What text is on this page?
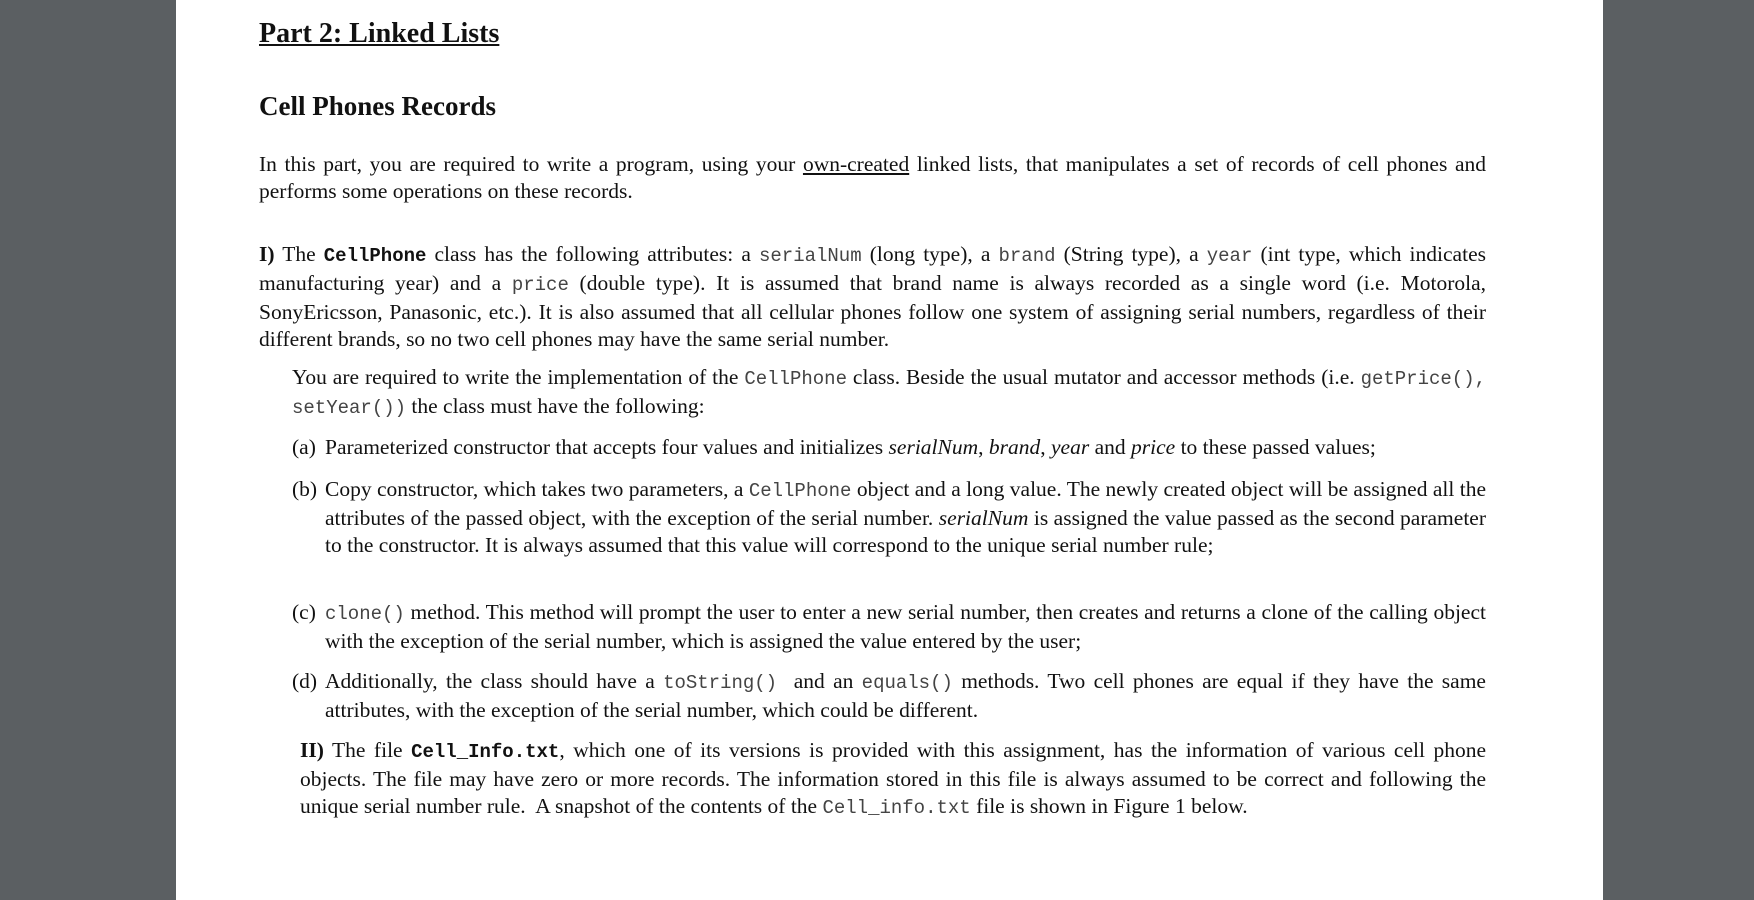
Part 2: Linked Lists
Cell Phones Records

In this part, you are required to write a program, using your own-created linked lists, that manipulates a set of records of cell phones and performs some operations on these records.

I) The CellPhone class has the following attributes: a serialNum (long type), a brand (String type), a year (int type, which indicates manufacturing year) and a price (double type). It is assumed that brand name is always recorded as a single word (i.e. Motorola, SonyEricsson, Panasonic, etc.). It is also assumed that all cellular phones follow one system of assigning serial numbers, regardless of their different brands, so no two cell phones may have the same serial number.

You are required to write the implementation of the CellPhone class. Beside the usual mutator and accessor methods (i.e. getPrice(), setYear()) the class must have the following:

(a) Parameterized constructor that accepts four values and initializes serialNum, brand, year and price to these passed values;
(b) Copy constructor, which takes two parameters, a CellPhone object and a long value. The newly created object will be assigned all the attributes of the passed object, with the exception of the serial number. serialNum is assigned the value passed as the second parameter to the constructor. It is always assumed that this value will correspond to the unique serial number rule;
(c) clone() method. This method will prompt the user to enter a new serial number, then creates and returns a clone of the calling object with the exception of the serial number, which is assigned the value entered by the user;
(d) Additionally, the class should have a toString()  and an equals() methods. Two cell phones are equal if they have the same attributes, with the exception of the serial number, which could be different.

II) The file Cell_Info.txt, which one of its versions is provided with this assignment, has the information of various cell phone objects. The file may have zero or more records. The information stored in this file is always assumed to be correct and following the unique serial number rule.  A snapshot of the contents of the Cell_info.txt file is shown in Figure 1 below.
